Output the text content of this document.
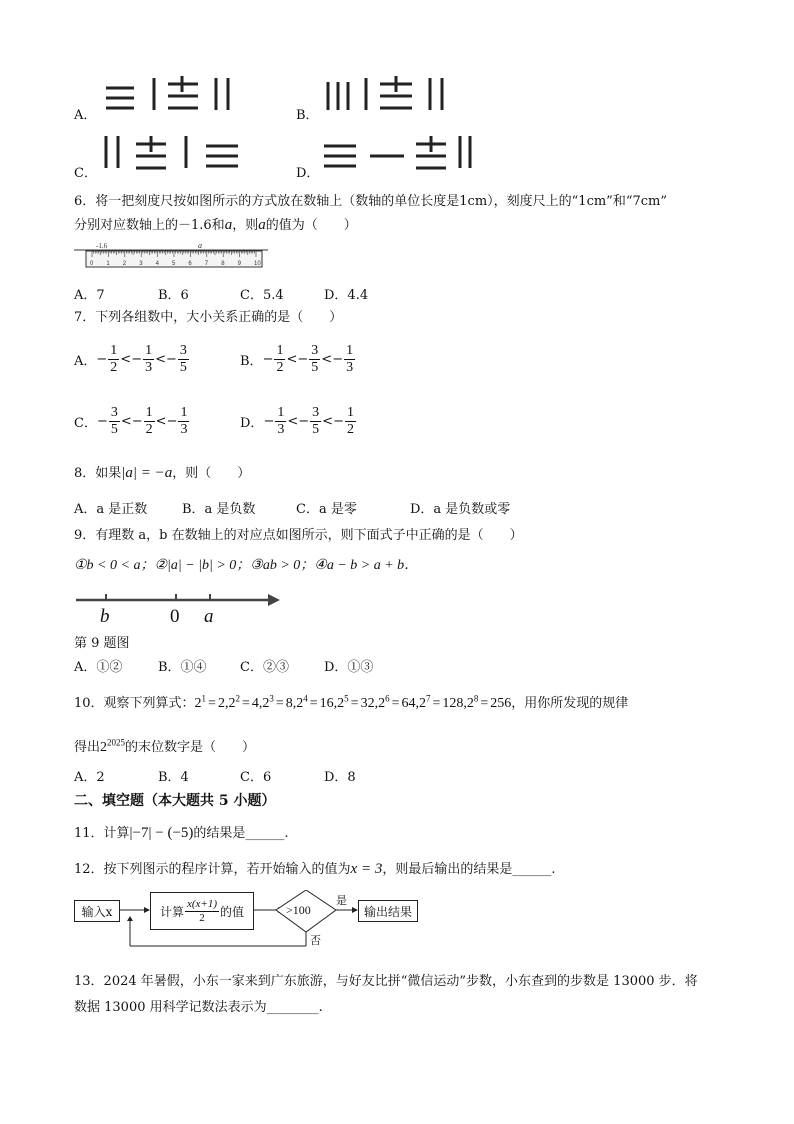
A．	B．
C．	D．
6．将一把刻度尺按如图所示的方式放在数轴上（数轴的单位长度是1cm），刻度尺上的“1cm”和“7cm”
分别对应数轴上的－1.6和a，则a的值为（　　）
-1.6	a
0 1 2 3 4 5 6 7 8 9 10
A．7	B．6	C．5.4	D．4.4
7．下列各组数中，大小关系正确的是（　　）
A． − $\frac{1}{2}$ < − $\frac{1}{3}$ < − $\frac{3}{5}$	B． − $\frac{1}{2}$ < − $\frac{3}{5}$ < − $\frac{1}{3}$
C． − $\frac{3}{5}$ < − $\frac{1}{2}$ < − $\frac{1}{3}$	D． − $\frac{1}{3}$ < − $\frac{3}{5}$ < − $\frac{1}{2}$
8．如果|a| = −a，则（　　）
A．a 是正数	B．a 是负数	C．a 是零	D．a 是负数或零
9．有理数 a，b 在数轴上的对应点如图所示，则下面式子中正确的是（　　）
①b < 0 < a；②|a| − |b| > 0；③ab > 0；④a − b > a + b．
b	0 a
第 9 题图
A．①②	B．①④	C．②③	D．①③
10．观察下列算式： $2^1 = 2,2^2 = 4,2^3 = 8,2^4 = 16,2^5 = 32,2^6 = 64,2^7 = 128,2^8 = 256$ ，用你所发现的规律
得出$2^{2025}$的末位数字是（　　）
A．2	B．4	C．6	D．8
二、填空题（本大题共 5 小题）
11．计算|−7| − (−5)的结果是______.
12．按下列图示的程序计算，若开始输入的值为x = 3，则最后输出的结果是______.
输入x	计算 $\frac{x(x+1)}{2}$ 的值	>100
是
否
输出结果
13．2024 年暑假，小东一家来到广东旅游，与好友比拼“微信运动”步数，小东查到的步数是 13000 步．将
数据 13000 用科学记数法表示为________.
